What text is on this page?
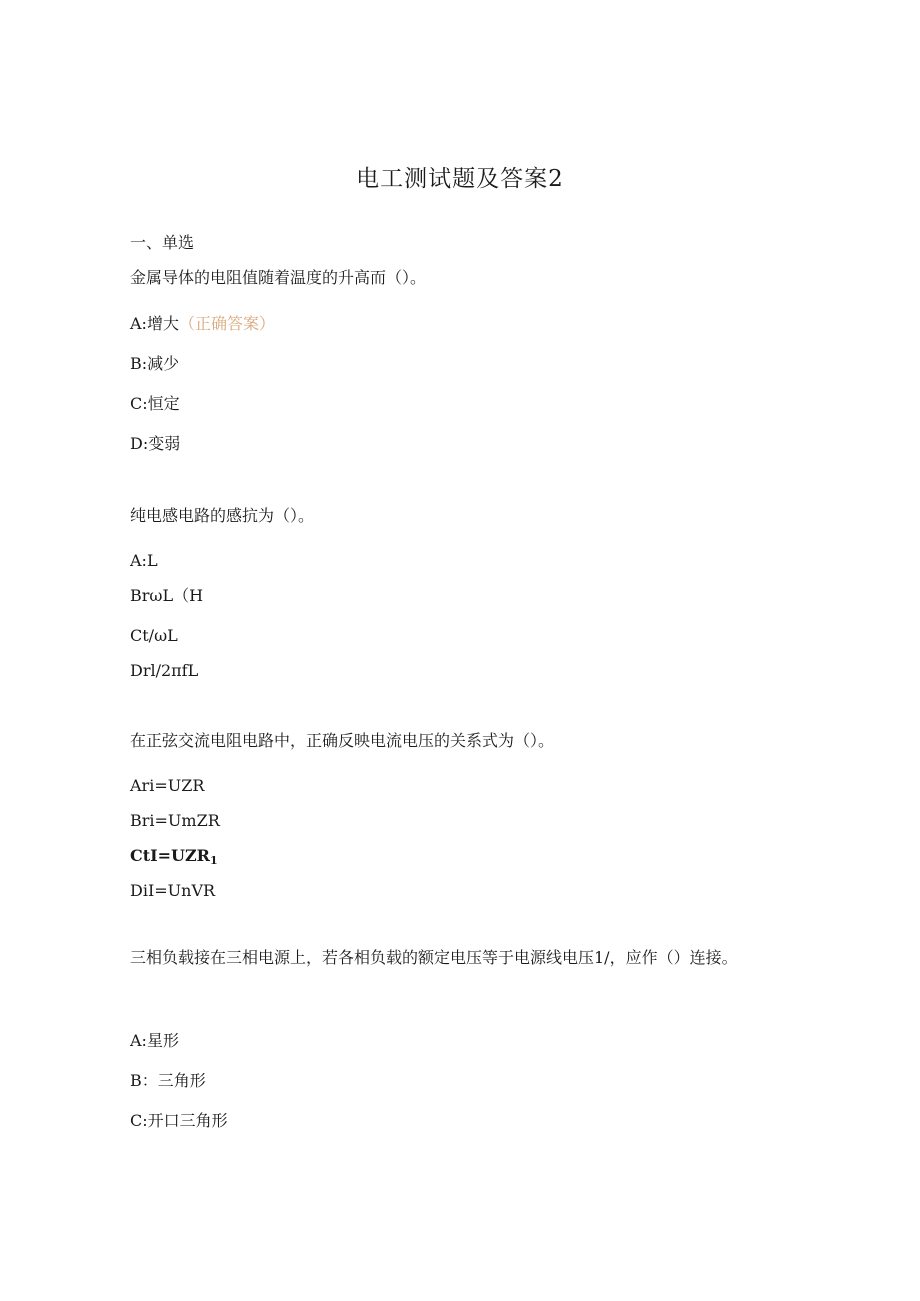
电工测试题及答案2
一、单选
金属导体的电阻值随着温度的升高而（）。
A:增大（正确答案）
B:减少
C:恒定
D:变弱
纯电感电路的感抗为（）。
A:L
BrωL（H
Ct∕ωL
Drl∕2πfL
在正弦交流电阻电路中，正确反映电流电压的关系式为（）。
Ari=UZR
Bri=UmZR
$CtI=UZR_1$
DiI=UnVR
三相负载接在三相电源上，若各相负载的额定电压等于电源线电压1/，应作（）连接。
A:星形
B：三角形
C:开口三角形
